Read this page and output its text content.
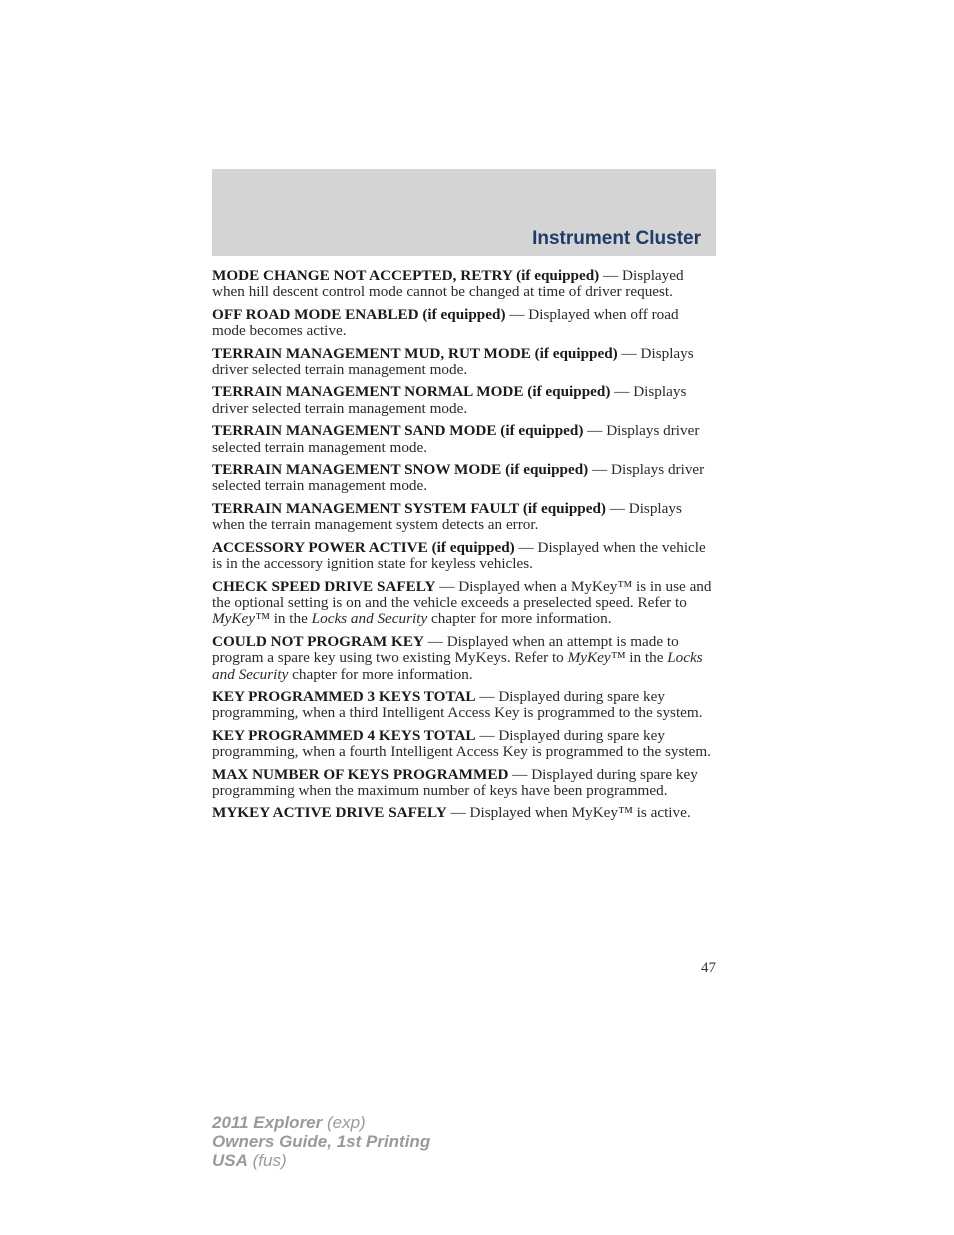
Instrument Cluster

MODE CHANGE NOT ACCEPTED, RETRY (if equipped) — Displayed when hill descent control mode cannot be changed at time of driver request.

OFF ROAD MODE ENABLED (if equipped) — Displayed when off road mode becomes active.

TERRAIN MANAGEMENT MUD, RUT MODE (if equipped) — Displays driver selected terrain management mode.

TERRAIN MANAGEMENT NORMAL MODE (if equipped) — Displays driver selected terrain management mode.

TERRAIN MANAGEMENT SAND MODE (if equipped) — Displays driver selected terrain management mode.

TERRAIN MANAGEMENT SNOW MODE (if equipped) — Displays driver selected terrain management mode.

TERRAIN MANAGEMENT SYSTEM FAULT (if equipped) — Displays when the terrain management system detects an error.

ACCESSORY POWER ACTIVE (if equipped) — Displayed when the vehicle is in the accessory ignition state for keyless vehicles.

CHECK SPEED DRIVE SAFELY — Displayed when a MyKey™ is in use and the optional setting is on and the vehicle exceeds a preselected speed. Refer to MyKey™ in the Locks and Security chapter for more information.

COULD NOT PROGRAM KEY — Displayed when an attempt is made to program a spare key using two existing MyKeys. Refer to MyKey™ in the Locks and Security chapter for more information.

KEY PROGRAMMED 3 KEYS TOTAL — Displayed during spare key programming, when a third Intelligent Access Key is programmed to the system.

KEY PROGRAMMED 4 KEYS TOTAL — Displayed during spare key programming, when a fourth Intelligent Access Key is programmed to the system.

MAX NUMBER OF KEYS PROGRAMMED — Displayed during spare key programming when the maximum number of keys have been programmed.

MYKEY ACTIVE DRIVE SAFELY — Displayed when MyKey™ is active.

47
2011 Explorer (exp)
Owners Guide, 1st Printing
USA (fus)
